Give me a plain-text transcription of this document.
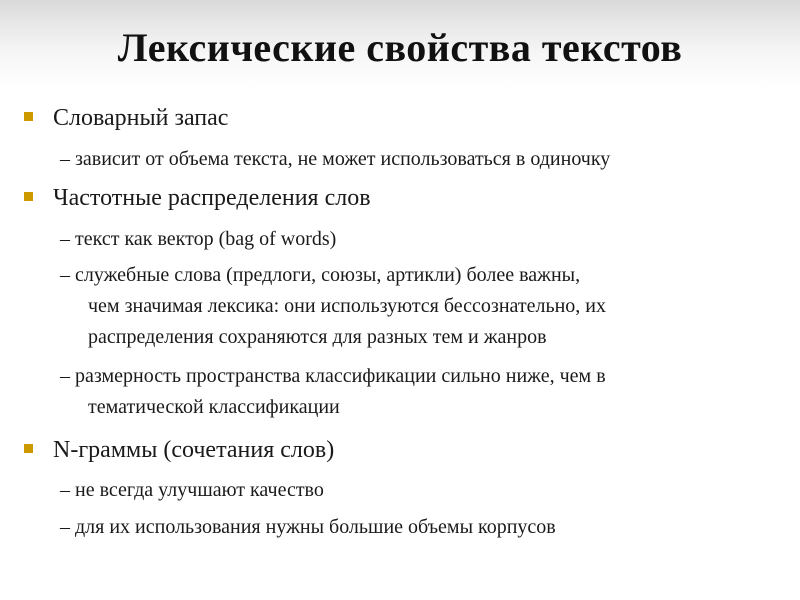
Лексические свойства текстов
Словарный запас
– зависит от объема текста, не может использоваться в одиночку
Частотные распределения слов
– текст как вектор (bag of words)
– служебные слова (предлоги, союзы, артикли) более важны,
чем значимая лексика: они используются бессознательно, их
распределения сохраняются для разных тем и жанров
– размерность пространства классификации сильно ниже, чем в
тематической классификации
N-граммы (сочетания слов)
– не всегда улучшают качество
– для их использования нужны большие объемы корпусов
